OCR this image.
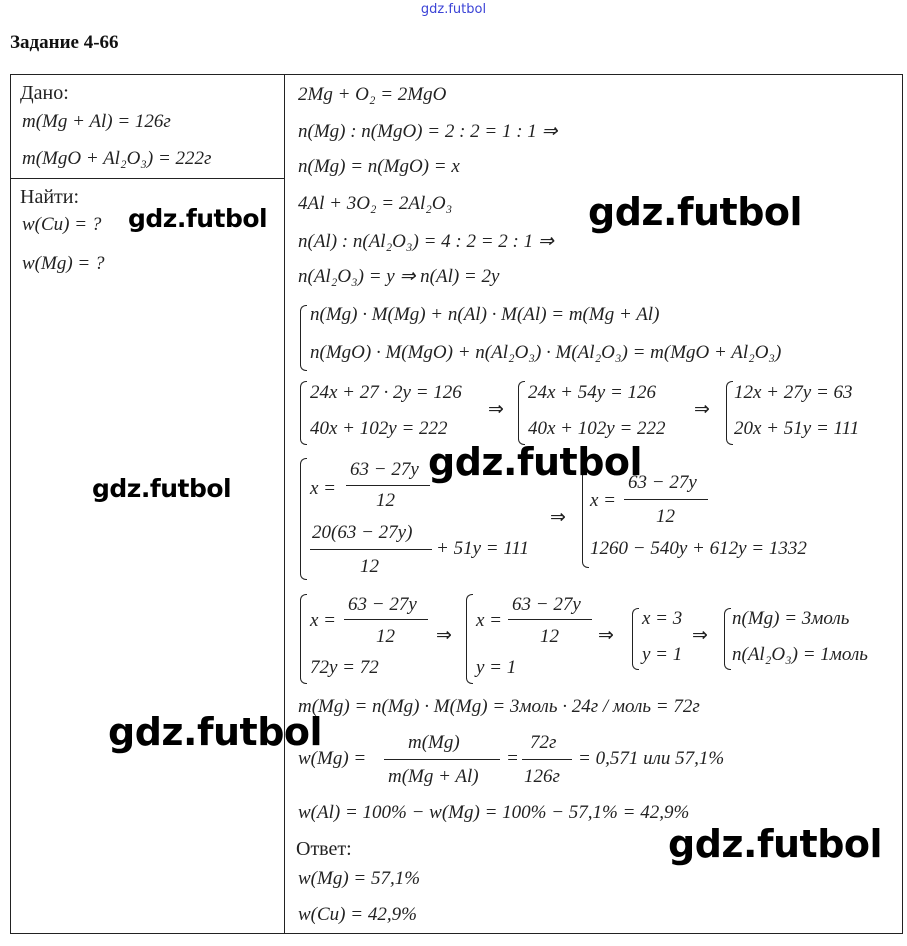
gdz.futbol
Задание 4-66
Дано:
m(Mg + Al) = 126г
m(MgO + Al₂O₃) = 222г
Найти:
w(Cu) = ?
w(Mg) = ?
2Mg + O₂ = 2MgO
n(Mg) : n(MgO) = 2 : 2 = 1 : 1 ⇒
n(Mg) = n(MgO) = x
4Al + 3O₂ = 2Al₂O₃
n(Al) : n(Al₂O₃) = 4 : 2 = 2 : 1 ⇒
n(Al₂O₃) = y ⇒ n(Al) = 2y
n(Mg) · M(Mg) + n(Al) · M(Al) = m(Mg + Al)
n(MgO) · M(MgO) + n(Al₂O₃) · M(Al₂O₃) = m(MgO + Al₂O₃)
24x + 27 · 2y = 126
40x + 102y = 222
⇒
24x + 54y = 126
40x + 102y = 222
⇒
12x + 27y = 63
20x + 51y = 111
x =
63 − 27y
12
20(63 − 27y)
12
+ 51y = 111
⇒
x =
63 − 27y
12
1260 − 540y + 612y = 1332
x =
63 − 27y
12
72y = 72
⇒
x =
63 − 27y
12
y = 1
⇒
x = 3
y = 1
⇒
n(Mg) = 3моль
n(Al₂O₃) = 1моль
m(Mg) = n(Mg) · M(Mg) = 3моль · 24г / моль = 72г
w(Mg) =
m(Mg)
m(Mg + Al)
=
72г
126г
= 0,571 или 57,1%
w(Al) = 100% − w(Mg) = 100% − 57,1% = 42,9%
Ответ:
w(Mg) = 57,1%
w(Cu) = 42,9%
gdz.futbol
gdz.futbol
gdz.futbol
gdz.futbol
gdz.futbol
gdz.futbol
